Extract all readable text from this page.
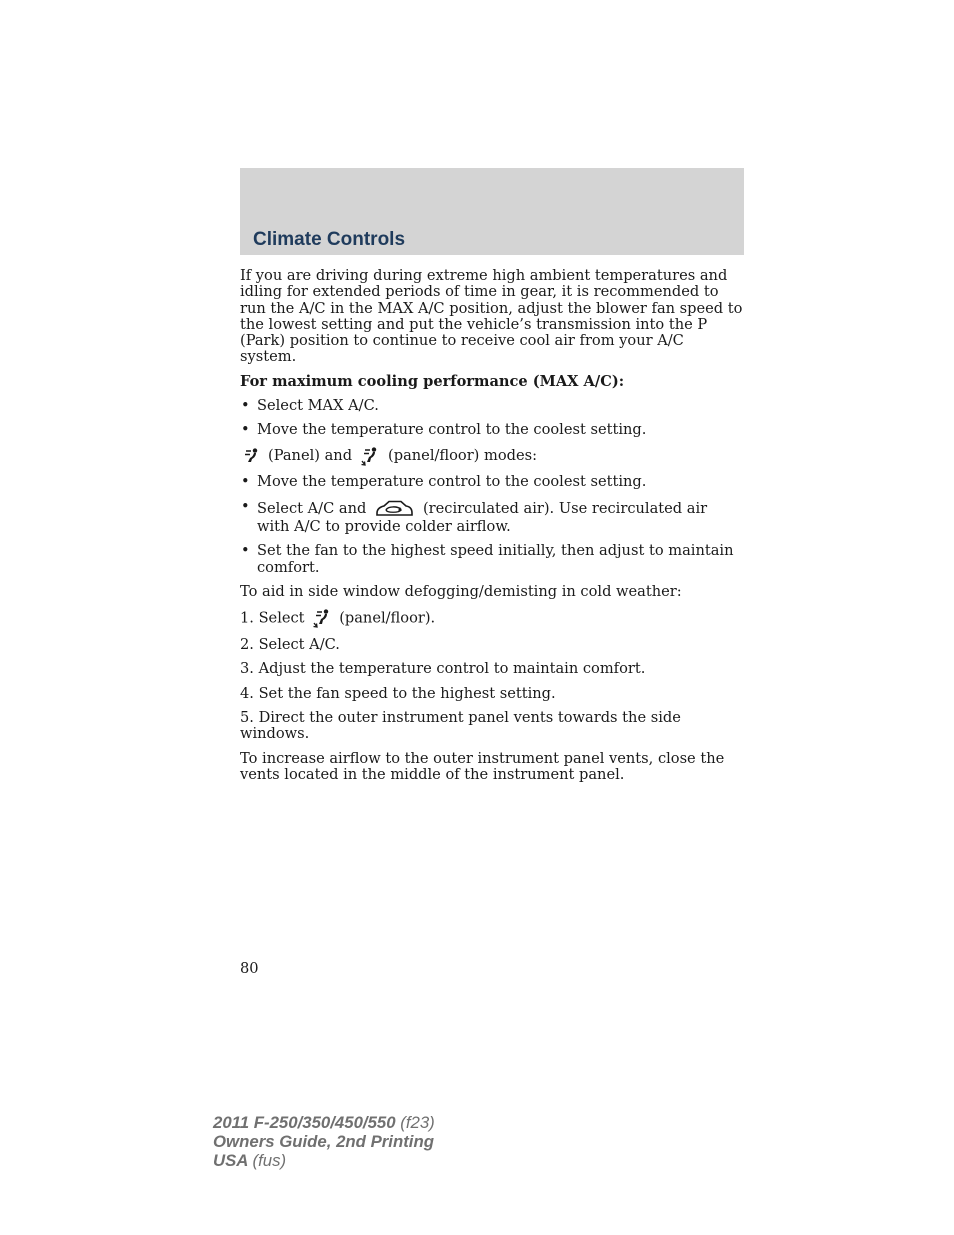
Climate Controls

If you are driving during extreme high ambient temperatures and idling for extended periods of time in gear, it is recommended to run the A/C in the MAX A/C position, adjust the blower fan speed to the lowest setting and put the vehicle’s transmission into the P (Park) position to continue to receive cool air from your A/C system.

For maximum cooling performance (MAX A/C):

• Select MAX A/C.
• Move the temperature control to the coolest setting.

(Panel) and (panel/floor) modes:

• Move the temperature control to the coolest setting.
• Select A/C and	(recirculated air). Use recirculated air with A/C to provide colder airflow.
• Set the fan to the highest speed initially, then adjust to maintain comfort.

To aid in side window defogging/demisting in cold weather:

1. Select (panel/floor).
2. Select A/C.
3. Adjust the temperature control to maintain comfort.
4. Set the fan speed to the highest setting.
5. Direct the outer instrument panel vents towards the side windows.

To increase airflow to the outer instrument panel vents, close the vents located in the middle of the instrument panel.

80
2011 F-250/350/450/550 (f23)
Owners Guide, 2nd Printing
USA (fus)
